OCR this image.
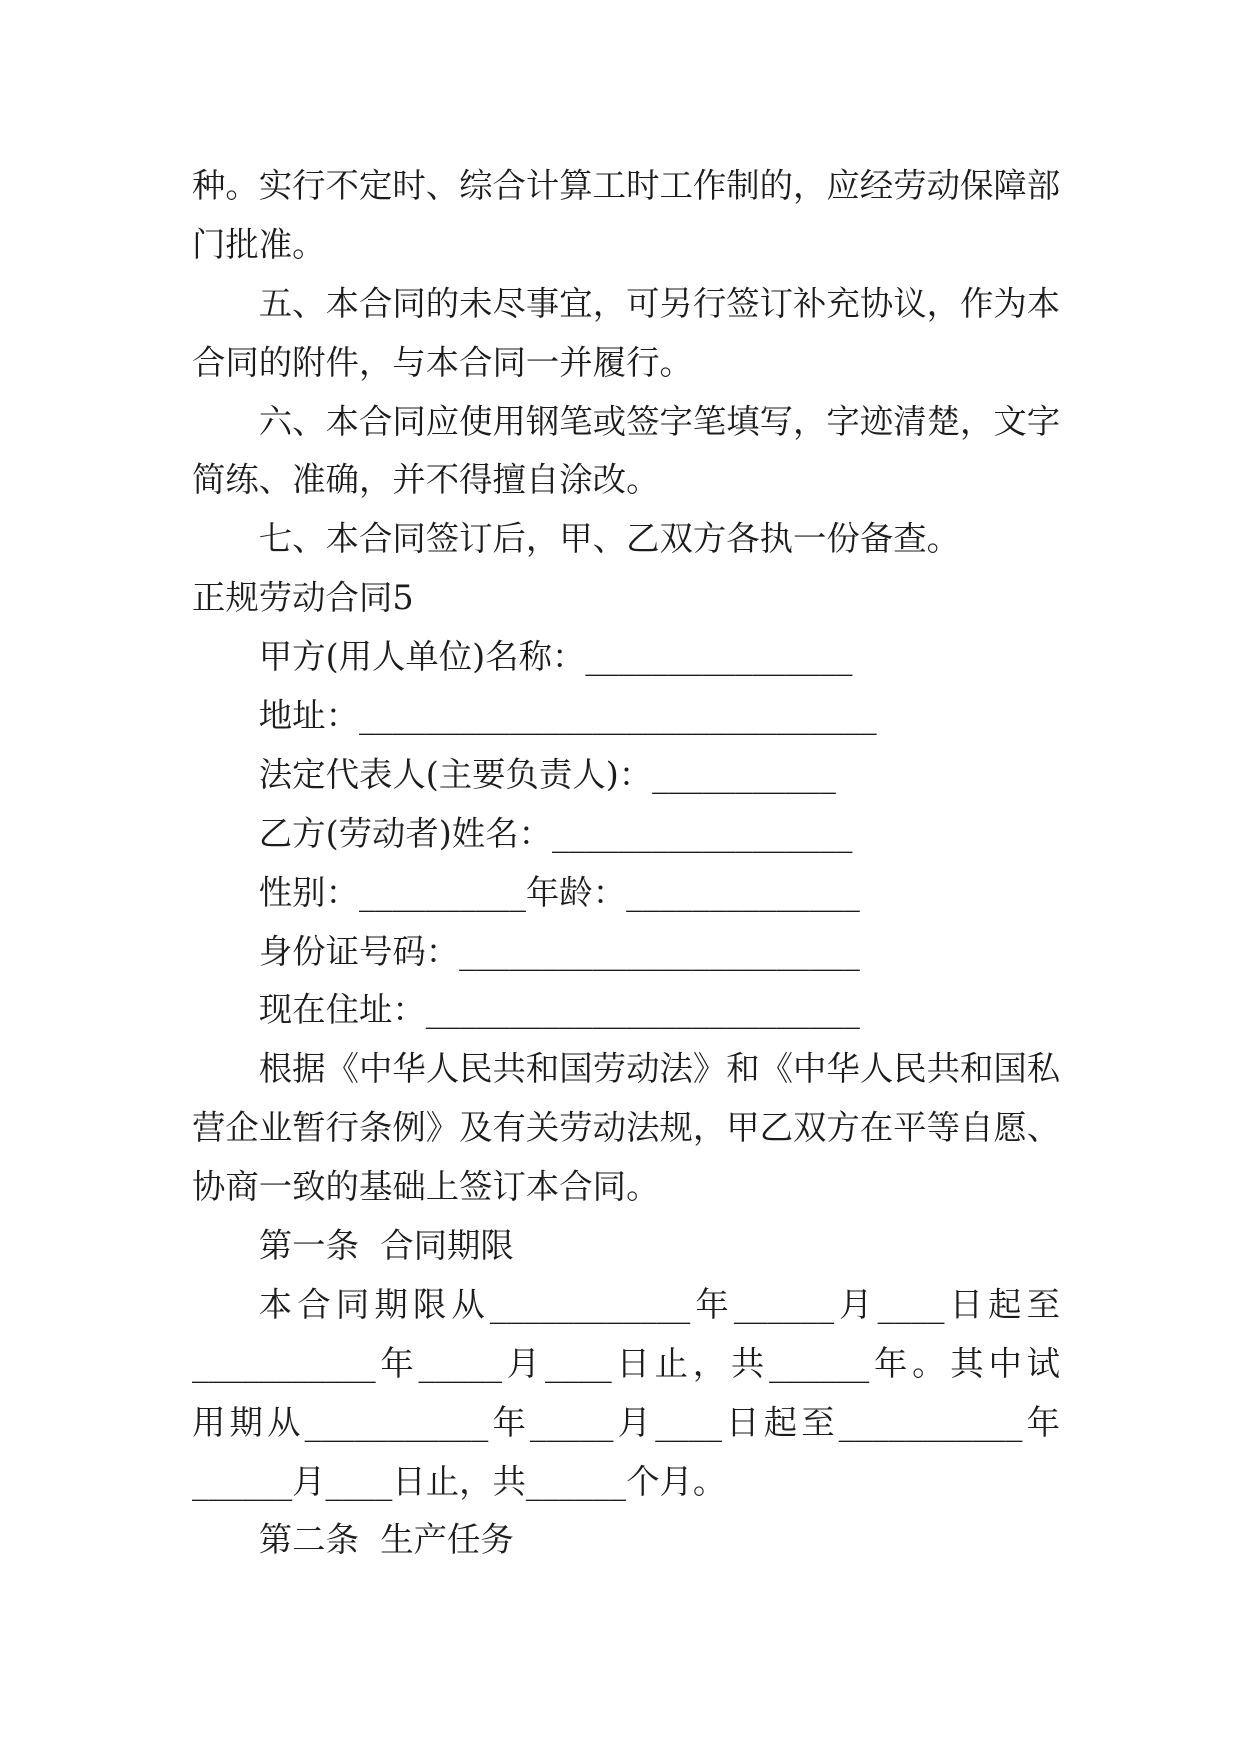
种。实行不定时、综合计算工时工作制的，应经劳动保障部
门批准。
五、本合同的未尽事宜，可另行签订补充协议，作为本
合同的附件，与本合同一并履行。
六、本合同应使用钢笔或签字笔填写，字迹清楚，文字
简练、准确，并不得擅自涂改。
七、本合同签订后，甲、乙双方各执一份备查。
正规劳动合同5
甲方(用人单位)名称：________________
地址：_______________________________
法定代表人(主要负责人)：___________
乙方(劳动者)姓名：__________________
性别：__________年龄：______________
身份证号码：________________________
现在住址：__________________________
根据《中华人民共和国劳动法》和《中华人民共和国私
营企业暂行条例》及有关劳动法规，甲乙双方在平等自愿、
协商一致的基础上签订本合同。
第一条  合同期限
本合同期限从____________年______月____日起至
___________年_____月____日止，共______年。其中试
用期从___________年_____月____日起至___________年
______月____日止，共______个月。
第二条  生产任务
